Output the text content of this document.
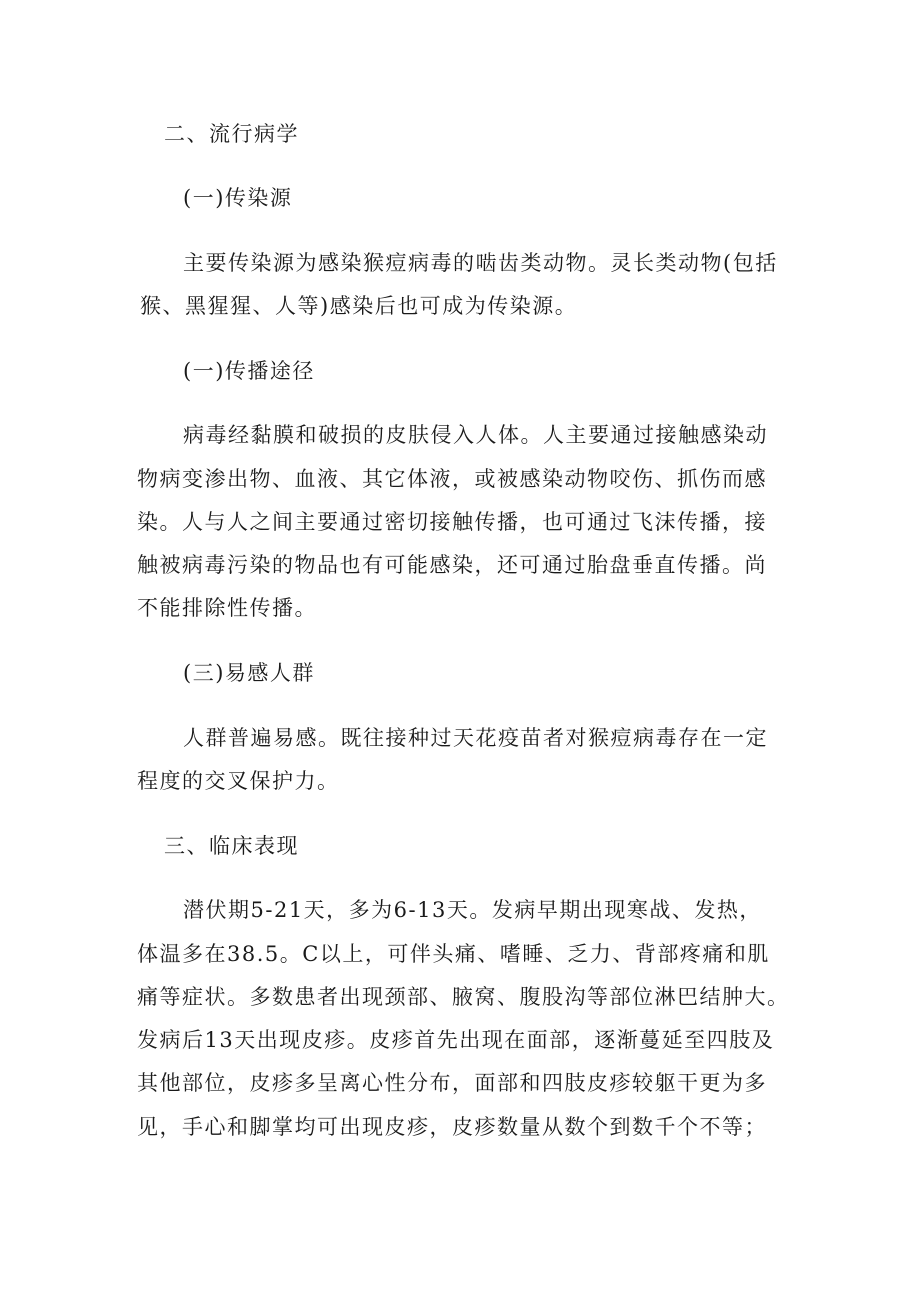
二、流行病学
(一)传染源
主要传染源为感染猴痘病毒的啮齿类动物。灵长类动物(包括
猴、黑猩猩、人等)感染后也可成为传染源。
(一)传播途径
病毒经黏膜和破损的皮肤侵入人体。人主要通过接触感染动
物病变渗出物、血液、其它体液，或被感染动物咬伤、抓伤而感
染。人与人之间主要通过密切接触传播，也可通过飞沫传播，接
触被病毒污染的物品也有可能感染，还可通过胎盘垂直传播。尚
不能排除性传播。
(三)易感人群
人群普遍易感。既往接种过天花疫苗者对猴痘病毒存在一定
程度的交叉保护力。
三、临床表现
潜伏期5-21天，多为6-13天。发病早期出现寒战、发热，
体温多在38.5。C以上，可伴头痛、嗜睡、乏力、背部疼痛和肌
痛等症状。多数患者出现颈部、腋窝、腹股沟等部位淋巴结肿大。
发病后13天出现皮疹。皮疹首先出现在面部，逐渐蔓延至四肢及
其他部位，皮疹多呈离心性分布，面部和四肢皮疹较躯干更为多
见，手心和脚掌均可出现皮疹，皮疹数量从数个到数千个不等；
